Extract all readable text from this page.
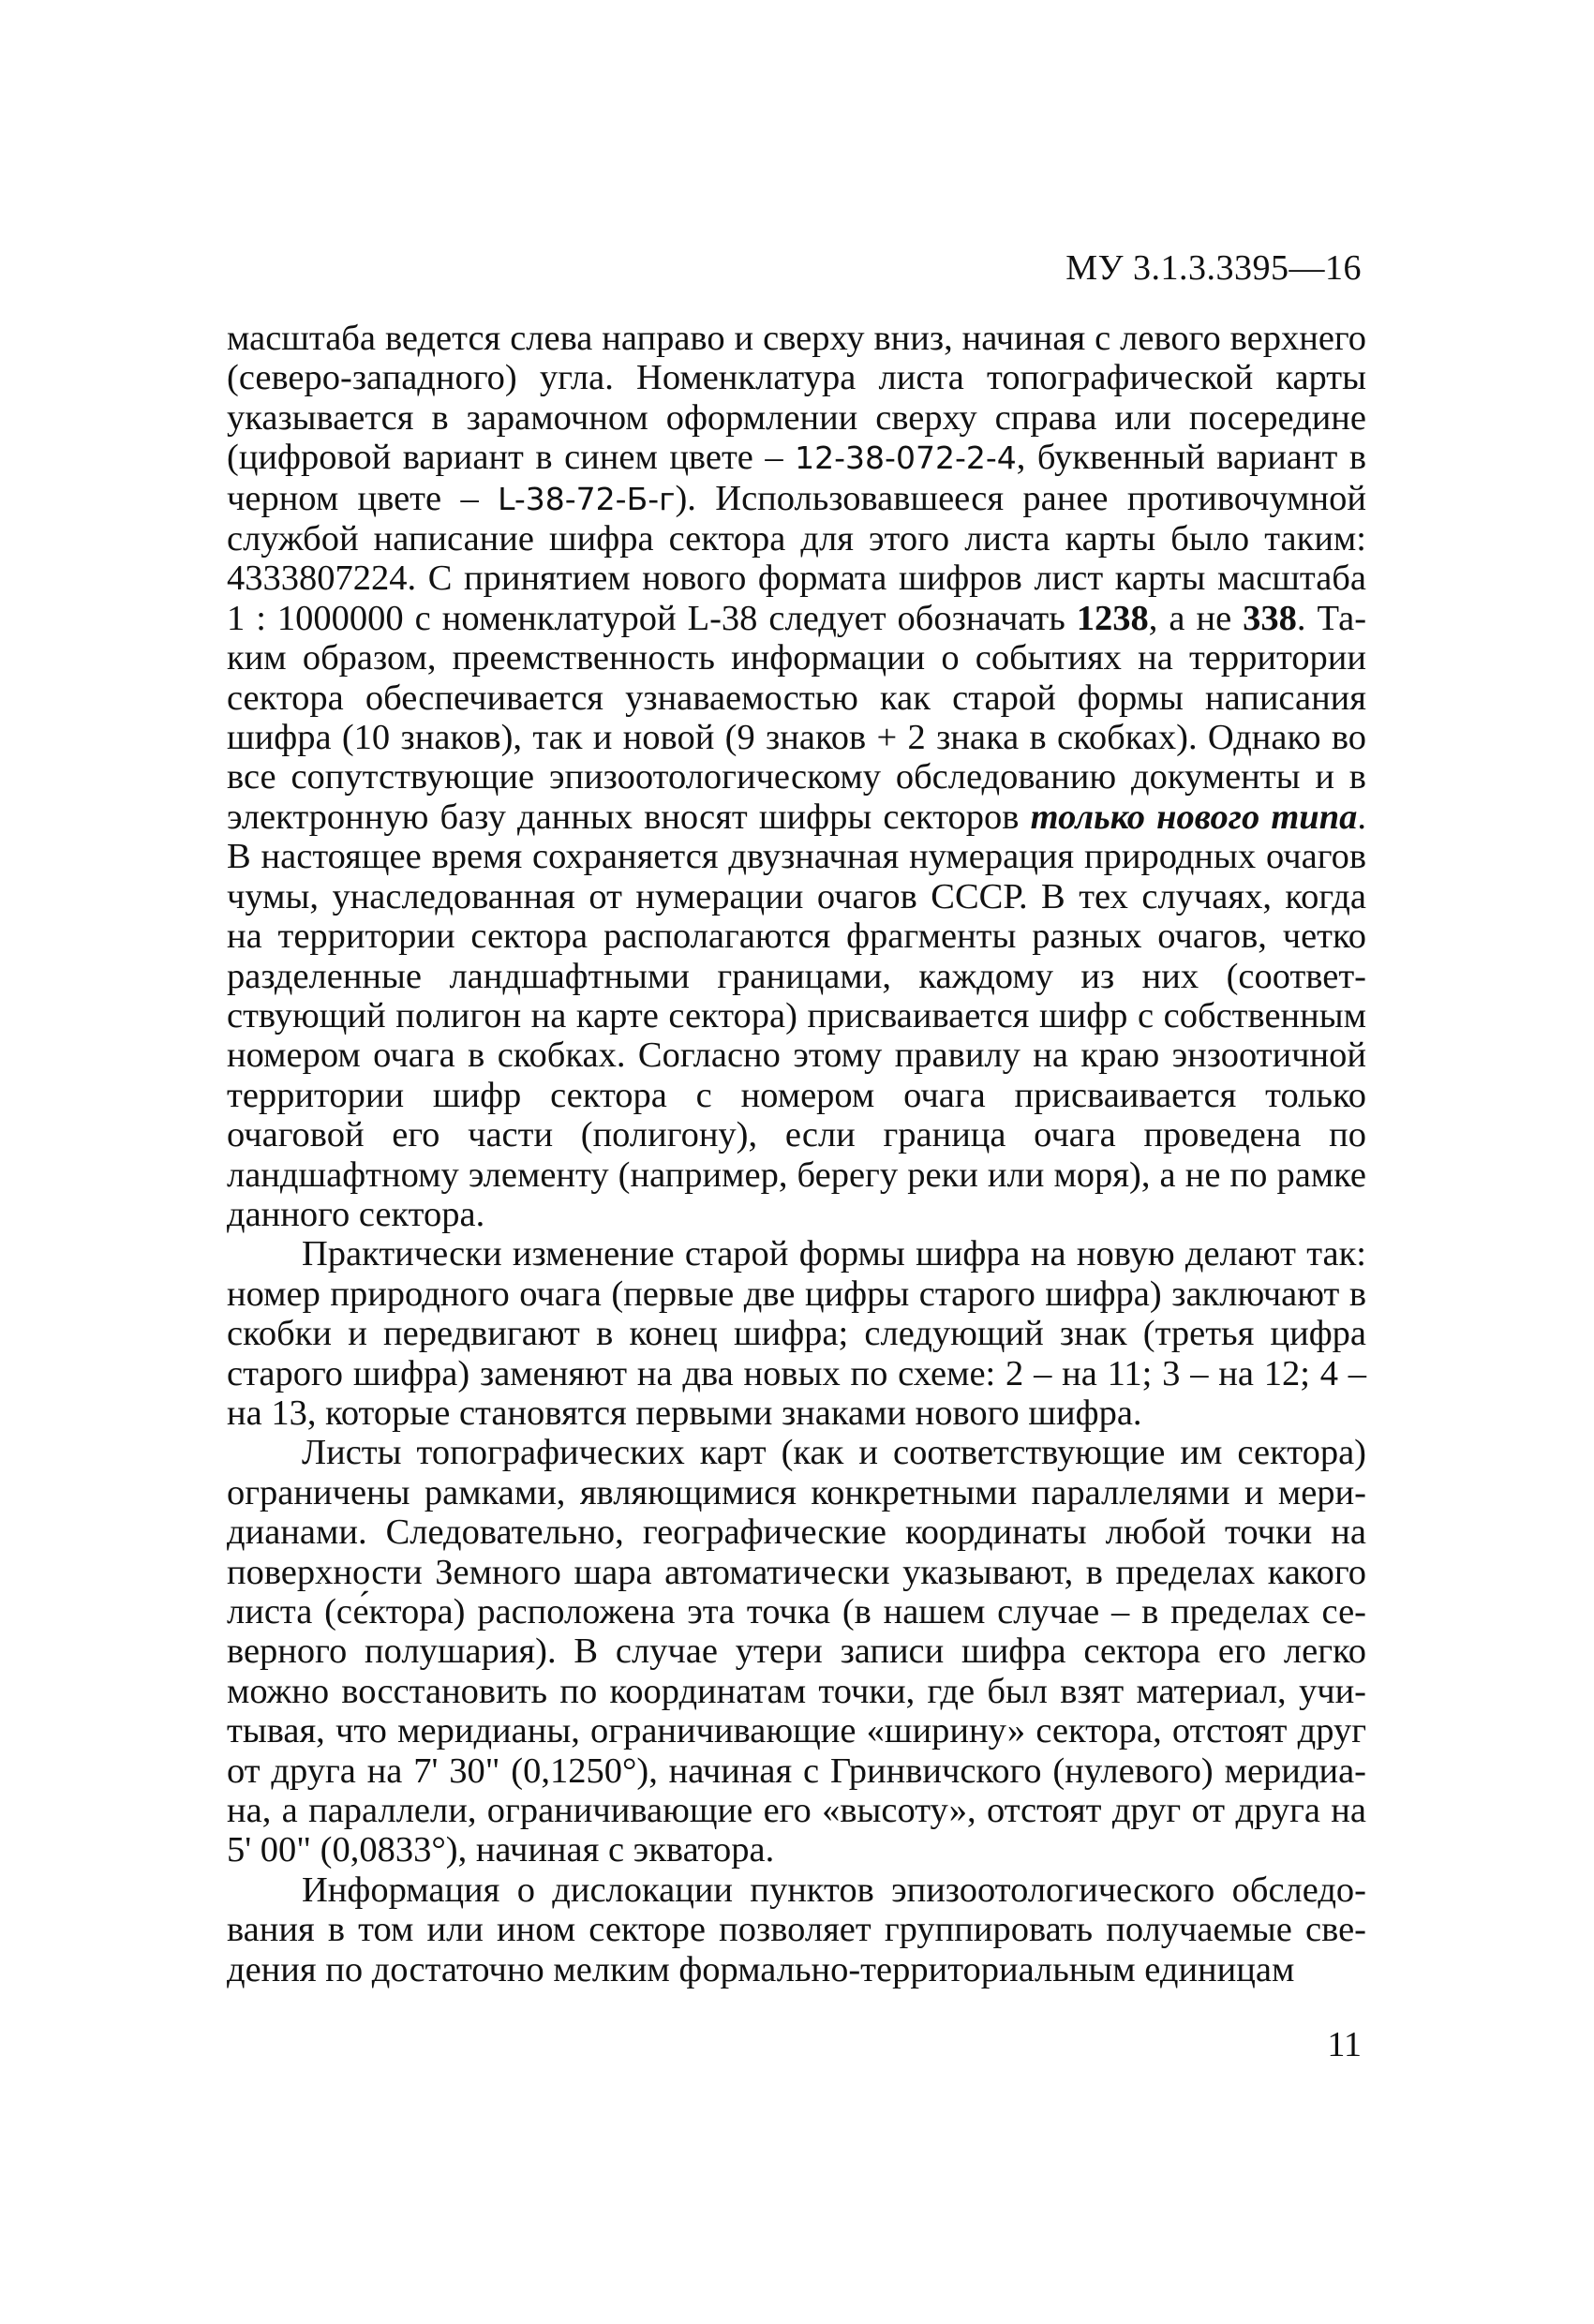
МУ 3.1.3.3395—16

масштаба ведется слева направо и сверху вниз, начиная с левого верхнего (северо-западного) угла. Номенклатура листа топографической карты указывается в зарамочном оформлении сверху справа или посередине (цифровой вариант в синем цвете – 12-38-072-2-4, буквенный вариант в черном цвете – L-38-72-Б-г). Использовавшееся ранее противочумной службой написание шифра сектора для этого листа карты было таким: 4333807224. С принятием нового формата шифров лист карты масштаба 1 : 1000000 с номенклатурой L-38 следует обозначать 1238, а не 338. Таким образом, преемственность информации о событиях на территории сектора обеспечивается узнаваемостью как старой формы написания шифра (10 знаков), так и новой (9 знаков + 2 знака в скобках). Однако во все сопутствующие эпизоотологическому обследованию документы и в электронную базу данных вносят шифры секторов только нового типа. В настоящее время сохраняется двузначная нумерация природных очагов чумы, унаследованная от нумерации очагов СССР. В тех случаях, когда на территории сектора располагаются фрагменты разных очагов, четко разделенные ландшафтными границами, каждому из них (соответствующий полигон на карте сектора) присваивается шифр с собственным номером очага в скобках. Согласно этому правилу на краю энзоотичной территории шифр сектора с номером очага присваивается только очаговой его части (полигону), если граница очага проведена по ландшафтному элементу (например, берегу реки или моря), а не по рамке данного сектора.

Практически изменение старой формы шифра на новую делают так: номер природного очага (первые две цифры старого шифра) заключают в скобки и передвигают в конец шифра; следующий знак (третья цифра старого шифра) заменяют на два новых по схеме: 2 – на 11; 3 – на 12; 4 – на 13, которые становятся первыми знаками нового шифра.

Листы топографических карт (как и соответствующие им сектора) ограничены рамками, являющимися конкретными параллелями и меридианами. Следовательно, географические координаты любой точки на поверхности Земного шара автоматически указывают, в пределах какого листа (се́ктора) расположена эта точка (в нашем случае – в пределах северного полушария). В случае утери записи шифра сектора его легко можно восстановить по координатам точки, где был взят материал, учитывая, что меридианы, ограничивающие «ширину» сектора, отстоят друг от друга на 7' 30" (0,1250°), начиная с Гринвичского (нулевого) меридиана, а параллели, ограничивающие его «высоту», отстоят друг от друга на 5' 00" (0,0833°), начиная с экватора.

Информация о дислокации пунктов эпизоотологического обследования в том или ином секторе позволяет группировать получаемые сведения по достаточно мелким формально-территориальным единицам

11
